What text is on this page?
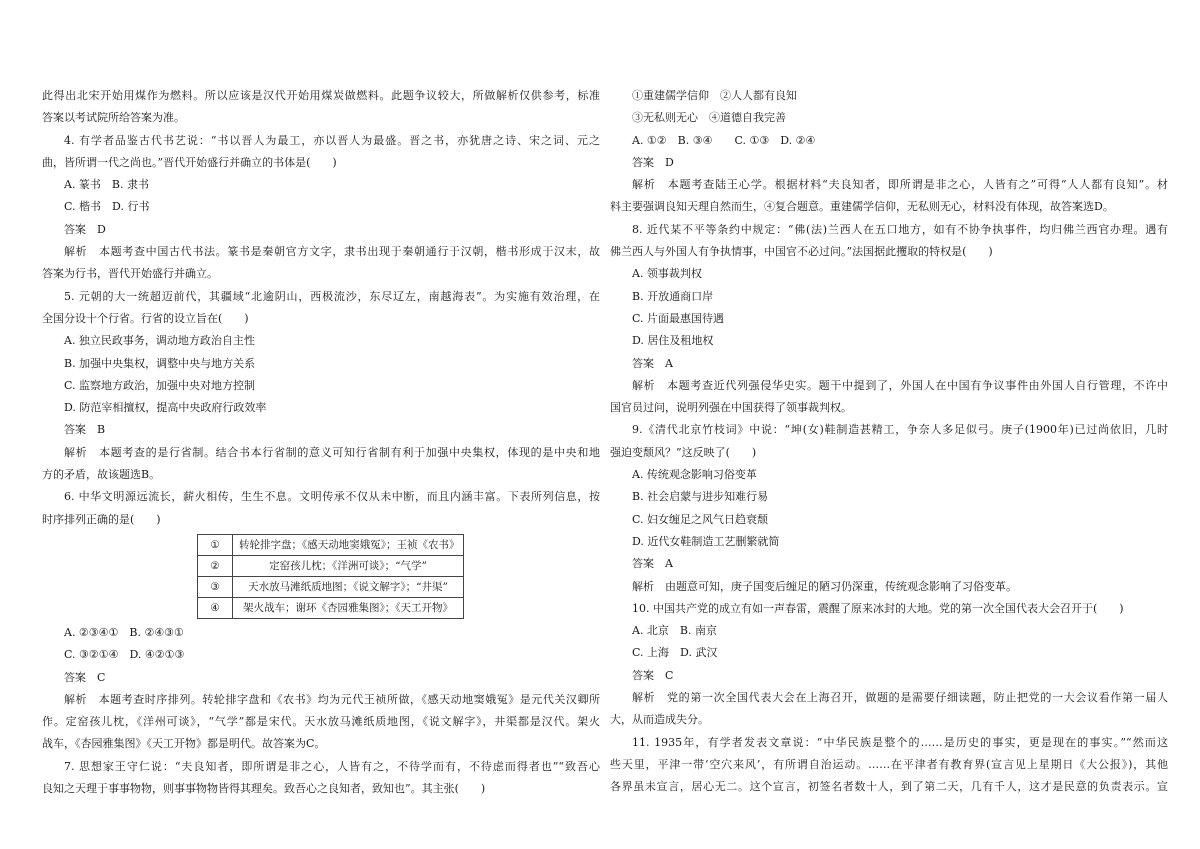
此得出北宋开始用煤作为燃料。所以应该是汉代开始用煤炭做燃料。此题争议较大，所做解析仅供参考，标准
答案以考试院所给答案为准。
4. 有学者品鉴古代书艺说：“书以晋人为最工，亦以晋人为最盛。晋之书，亦犹唐之诗、宋之词、元之
曲，皆所谓一代之尚也。”晋代开始盛行并确立的书体是(　　)
A. 篆书　B. 隶书
C. 楷书　D. 行书
答案　D
解析　本题考查中国古代书法。篆书是秦朝官方文字，隶书出现于秦朝通行于汉朝，楷书形成于汉末，故
答案为行书，晋代开始盛行并确立。
5. 元朝的大一统超迈前代，其疆域“北逾阴山，西极流沙，东尽辽左，南越海表”。为实施有效治理，在
全国分设十个行省。行省的设立旨在(　　)
A. 独立民政事务，调动地方政治自主性
B. 加强中央集权，调整中央与地方关系
C. 监察地方政治，加强中央对地方控制
D. 防范宰相擅权，提高中央政府行政效率
答案　B
解析　本题考查的是行省制。结合书本行省制的意义可知行省制有利于加强中央集权，体现的是中央和地
方的矛盾，故该题选B。
6. 中华文明源远流长，薪火相传，生生不息。文明传承不仅从未中断，而且内涵丰富。下表所列信息，按
时序排列正确的是(　　)
①	转轮排字盘；《感天动地窦娥冤》；王祯《农书》
②	定窑孩儿枕；《洋洲可谈》；“气学”
③	天水放马滩纸质地图；《说文解字》；“井渠”
④	架火战车；谢环《杏园雅集图》；《天工开物》
A. ②③④①　B. ②④③①
C. ③②①④　D. ④②①③
答案　C
解析　本题考查时序排列。转轮排字盘和《农书》均为元代王祯所做，《感天动地窦娥冤》是元代关汉卿所
作。定窑孩儿枕，《洋州可谈》，“气学”都是宋代。天水放马滩纸质地图，《说文解字》，井渠都是汉代。架火
战车，《杏园雅集图》《天工开物》都是明代。故答案为C。
7. 思想家王守仁说：“夫良知者，即所谓是非之心，人皆有之，不待学而有，不待虑而得者也”“致吾心
良知之天理于事事物物，则事事物物皆得其理矣。致吾心之良知者，致知也”。其主张(　　)
①重建儒学信仰　②人人都有良知
③无私则无心　④道德自我完善
A. ①②　B. ③④　　C. ①③　D. ②④
答案　D
解析　本题考查陆王心学。根据材料“夫良知者，即所谓是非之心，人皆有之”可得“人人都有良知”。材
料主要强调良知天理自然而生，④复合题意。重建儒学信仰，无私则无心，材料没有体现，故答案选D。
8. 近代某不平等条约中规定：“佛(法)兰西人在五口地方，如有不协争执事件，均归佛兰西官办理。遇有
佛兰西人与外国人有争执情事，中国官不必过问。”法国据此攫取的特权是(　　)
A. 领事裁判权
B. 开放通商口岸
C. 片面最惠国待遇
D. 居住及租地权
答案　A
解析　本题考查近代列强侵华史实。题干中提到了，外国人在中国有争议事件由外国人自行管理，不许中
国官员过问，说明列强在中国获得了领事裁判权。
9.《清代北京竹枝词》中说：“坤(女)鞋制造甚精工，争奈人多足似弓。庚子(1900年)已过尚依旧，几时
强迫变颓风？”这反映了(　　)
A. 传统观念影响习俗变革
B. 社会启蒙与进步知难行易
C. 妇女缠足之风气日趋衰颓
D. 近代女鞋制造工艺删繁就简
答案　A
解析　由题意可知，庚子国变后缠足的陋习仍深重，传统观念影响了习俗变革。
10. 中国共产党的成立有如一声春雷，震醒了原来冰封的大地。党的第一次全国代表大会召开于(　　)
A. 北京　B. 南京
C. 上海　D. 武汉
答案　C
解析　党的第一次全国代表大会在上海召开，做题的是需要仔细读题，防止把党的一大会议看作第一届人
大，从而造成失分。
11. 1935年，有学者发表文章说：“中华民族是整个的……是历史的事实，更是现在的事实。”“然而这
些天里，平津一带‘空穴来风’，有所谓自治运动。……在平津者有教育界(宣言见上星期日《大公报》)，其他
各界虽未宣言，居心无二。这个宣言，初签名者数十人，到了第二天，几有千人，这才是民意的负责表示。宣
